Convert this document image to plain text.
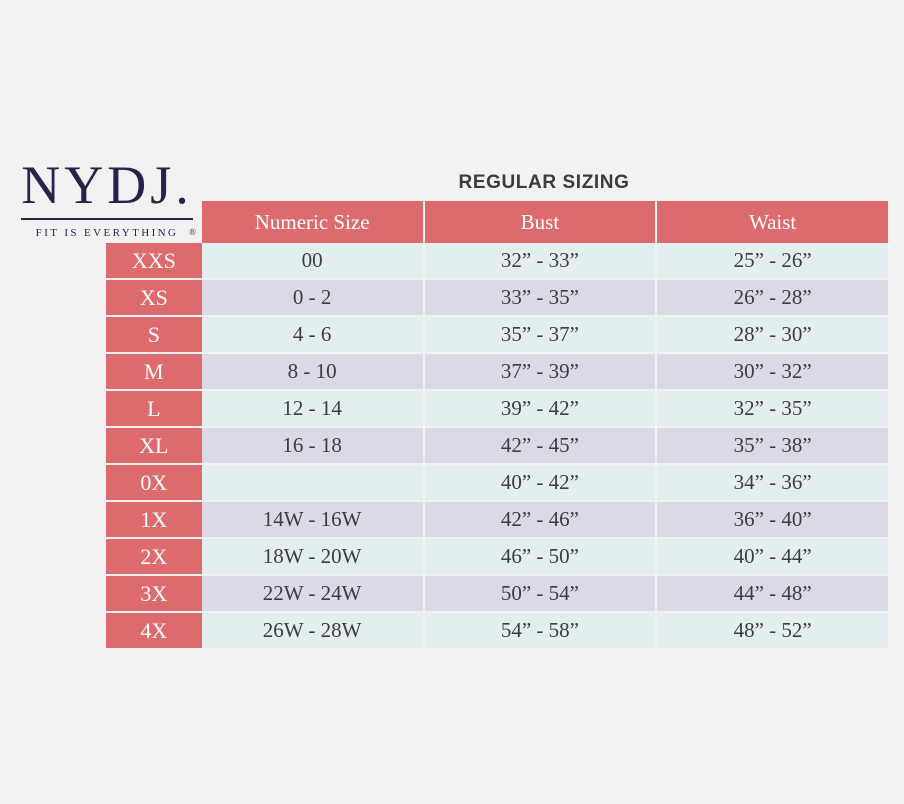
NYDJ.
FIT IS EVERYTHING	®
REGULAR SIZING
	Numeric Size	Bust	Waist
XXS	00	32” - 33”	25” - 26”
XS	0 - 2	33” - 35”	26” - 28”
S	4 - 6	35” - 37”	28” - 30”
M	8 - 10	37” - 39”	30” - 32”
L	12 - 14	39” - 42”	32” - 35”
XL	16 - 18	42” - 45”	35” - 38”
0X		40” - 42”	34” - 36”
1X	14W - 16W	42” - 46”	36” - 40”
2X	18W - 20W	46” - 50”	40” - 44”
3X	22W - 24W	50” - 54”	44” - 48”
4X	26W - 28W	54” - 58”	48” - 52”
